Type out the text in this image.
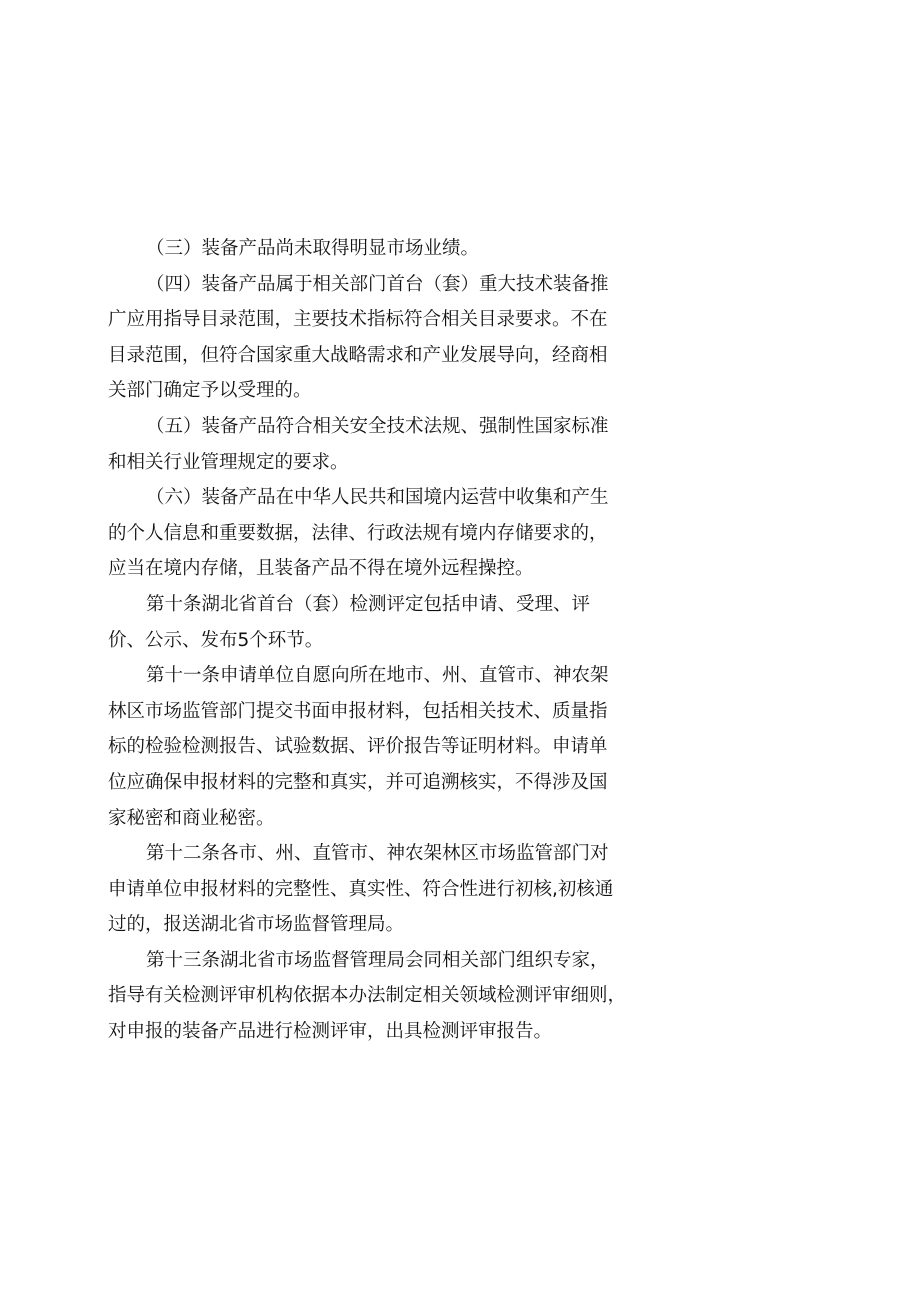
（三）装备产品尚未取得明显市场业绩。
（四）装备产品属于相关部门首台（套）重大技术装备推
广应用指导目录范围，主要技术指标符合相关目录要求。不在
目录范围，但符合国家重大战略需求和产业发展导向，经商相
关部门确定予以受理的。
（五）装备产品符合相关安全技术法规、强制性国家标准
和相关行业管理规定的要求。
（六）装备产品在中华人民共和国境内运营中收集和产生
的个人信息和重要数据，法律、行政法规有境内存储要求的，
应当在境内存储，且装备产品不得在境外远程操控。
第十条湖北省首台（套）检测评定包括申请、受理、评
价、公示、发布5个环节。
第十一条申请单位自愿向所在地市、州、直管市、神农架
林区市场监管部门提交书面申报材料，包括相关技术、质量指
标的检验检测报告、试验数据、评价报告等证明材料。申请单
位应确保申报材料的完整和真实，并可追溯核实，不得涉及国
家秘密和商业秘密。
第十二条各市、州、直管市、神农架林区市场监管部门对
申请单位申报材料的完整性、真实性、符合性进行初核,初核通
过的，报送湖北省市场监督管理局。
第十三条湖北省市场监督管理局会同相关部门组织专家，
指导有关检测评审机构依据本办法制定相关领域检测评审细则，
对申报的装备产品进行检测评审，出具检测评审报告。
